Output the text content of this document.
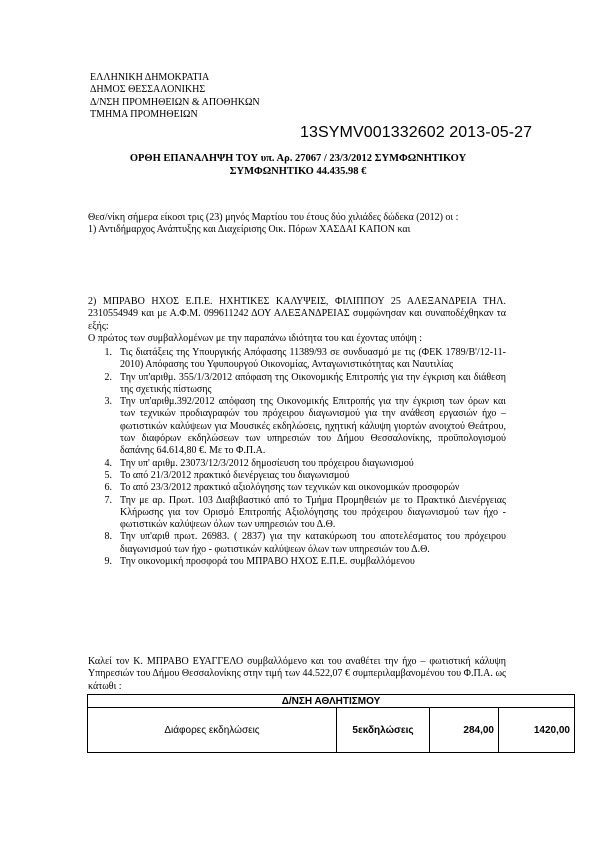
ΕΛΛΗΝΙΚΗ ΔΗΜΟΚΡΑΤΙΑ
ΔΗΜΟΣ ΘΕΣΣΑΛΟΝΙΚΗΣ
Δ/ΝΣΗ ΠΡΟΜΗΘΕΙΩΝ & ΑΠΟΘΗΚΩΝ
ΤΜΗΜΑ ΠΡΟΜΗΘΕΙΩΝ
13SYMV001332602 2013-05-27
ΟΡΘΗ ΕΠΑΝΑΛΗΨΗ ΤΟΥ υπ. Αρ. 27067 / 23/3/2012 ΣΥΜΦΩΝΗΤΙΚΟΥ
ΣΥΜΦΩΝΗΤΙΚΟ 44.435.98 €

Θεσ/νίκη σήμερα είκοσι τρις (23) μηνός Μαρτίου του έτους δύο χιλιάδες δώδεκα (2012) οι :

1) Αντιδήμαρχος Ανάπτυξης και Διαχείρισης Οικ. Πόρων ΧΑΣΔΑΙ ΚΑΠΟΝ και

2) ΜΠΡΑΒΟ ΗΧΟΣ Ε.Π.Ε. ΗΧΗΤΙΚΕΣ ΚΑΛΥΨΕΙΣ, ΦΙΛΙΠΠΟΥ 25 ΑΛΕΞΑΝΔΡΕΙΑ ΤΗΛ. 2310554949 και με Α.Φ.Μ. 099611242 ΔΟΥ ΑΛΕΞΑΝΔΡΕΙΑΣ συμφώνησαν και συναποδέχθηκαν τα εξής:

Ο πρώτος των συμβαλλομένων με την παραπάνω ιδιότητα του και έχοντας υπόψη :

1. Τις διατάξεις της Υπουργικής Απόφασης 11389/93 σε συνδυασμό με τις (ΦΕΚ 1789/Β'/12-11-2010) Απόφασης του Υφυπουργού Οικονομίας, Ανταγωνιστικότητας και Ναυτιλίας
2. Την υπ'αριθμ. 355/1/3/2012 απόφαση της Οικονομικής Επιτροπής για την έγκριση και διάθεση της σχετικής πίστωσης
3. Την υπ'αριθμ.392/2012 απόφαση της Οικονομικής Επιτροπής για την έγκριση των όρων και των τεχνικών προδιαγραφών του πρόχειρου διαγωνισμού για την ανάθεση εργασιών ήχο – φωτιστικών καλύψεων για Μουσικές εκδηλώσεις, ηχητική κάλυψη γιορτών ανοιχτού Θεάτρου, των διαφόρων εκδηλώσεων των υπηρεσιών του Δήμου Θεσσαλονίκης, προϋπολογισμού δαπάνης 64.614,80 €. Με το Φ.Π.Α.
4. Την υπ' αριθμ. 23073/12/3/2012 δημοσίευση του πρόχειρου διαγωνισμού
5. Το από 21/3/2012 πρακτικό διενέργειας του διαγωνισμού
6. Το από 23/3/2012 πρακτικό αξιολόγησης των τεχνικών και οικονομικών προσφορών
7. Την με αρ. Πρωτ. 103 Διαβιβαστικό από το Τμήμα Προμηθειών με το Πρακτικό Διενέργειας Κλήρωσης για τον Ορισμό Επιτροπής Αξιολόγησης του πρόχειρου διαγωνισμού των ήχο - φωτιστικών καλύψεων όλων των υπηρεσιών του Δ.Θ.
8. Την υπ'αριθ πρωτ. 26983. ( 2837) για την κατακύρωση του αποτελέσματος του πρόχειρου διαγωνισμού των ήχο - φωτιστικών καλύψεων όλων των υπηρεσιών του Δ.Θ.
9. Την οικονομική προσφορά του ΜΠΡΑΒΟ ΗΧΟΣ Ε.Π.Ε. συμβαλλόμενου

Καλεί τον Κ. ΜΠΡΑΒΟ ΕΥΑΓΓΕΛΟ συμβαλλόμενο και του αναθέτει την ήχο – φωτιστική κάλυψη Υπηρεσιών του Δήμου Θεσσαλονίκης στην τιμή των 44.522,07 € συμπεριλαμβανομένου του Φ.Π.Α. ως κάτωθι :

Δ/ΝΣΗ ΑΘΛΗΤΙΣΜΟΥ
Διάφορες εκδηλώσεις	5εκδηλώσεις	284,00	1420,00
